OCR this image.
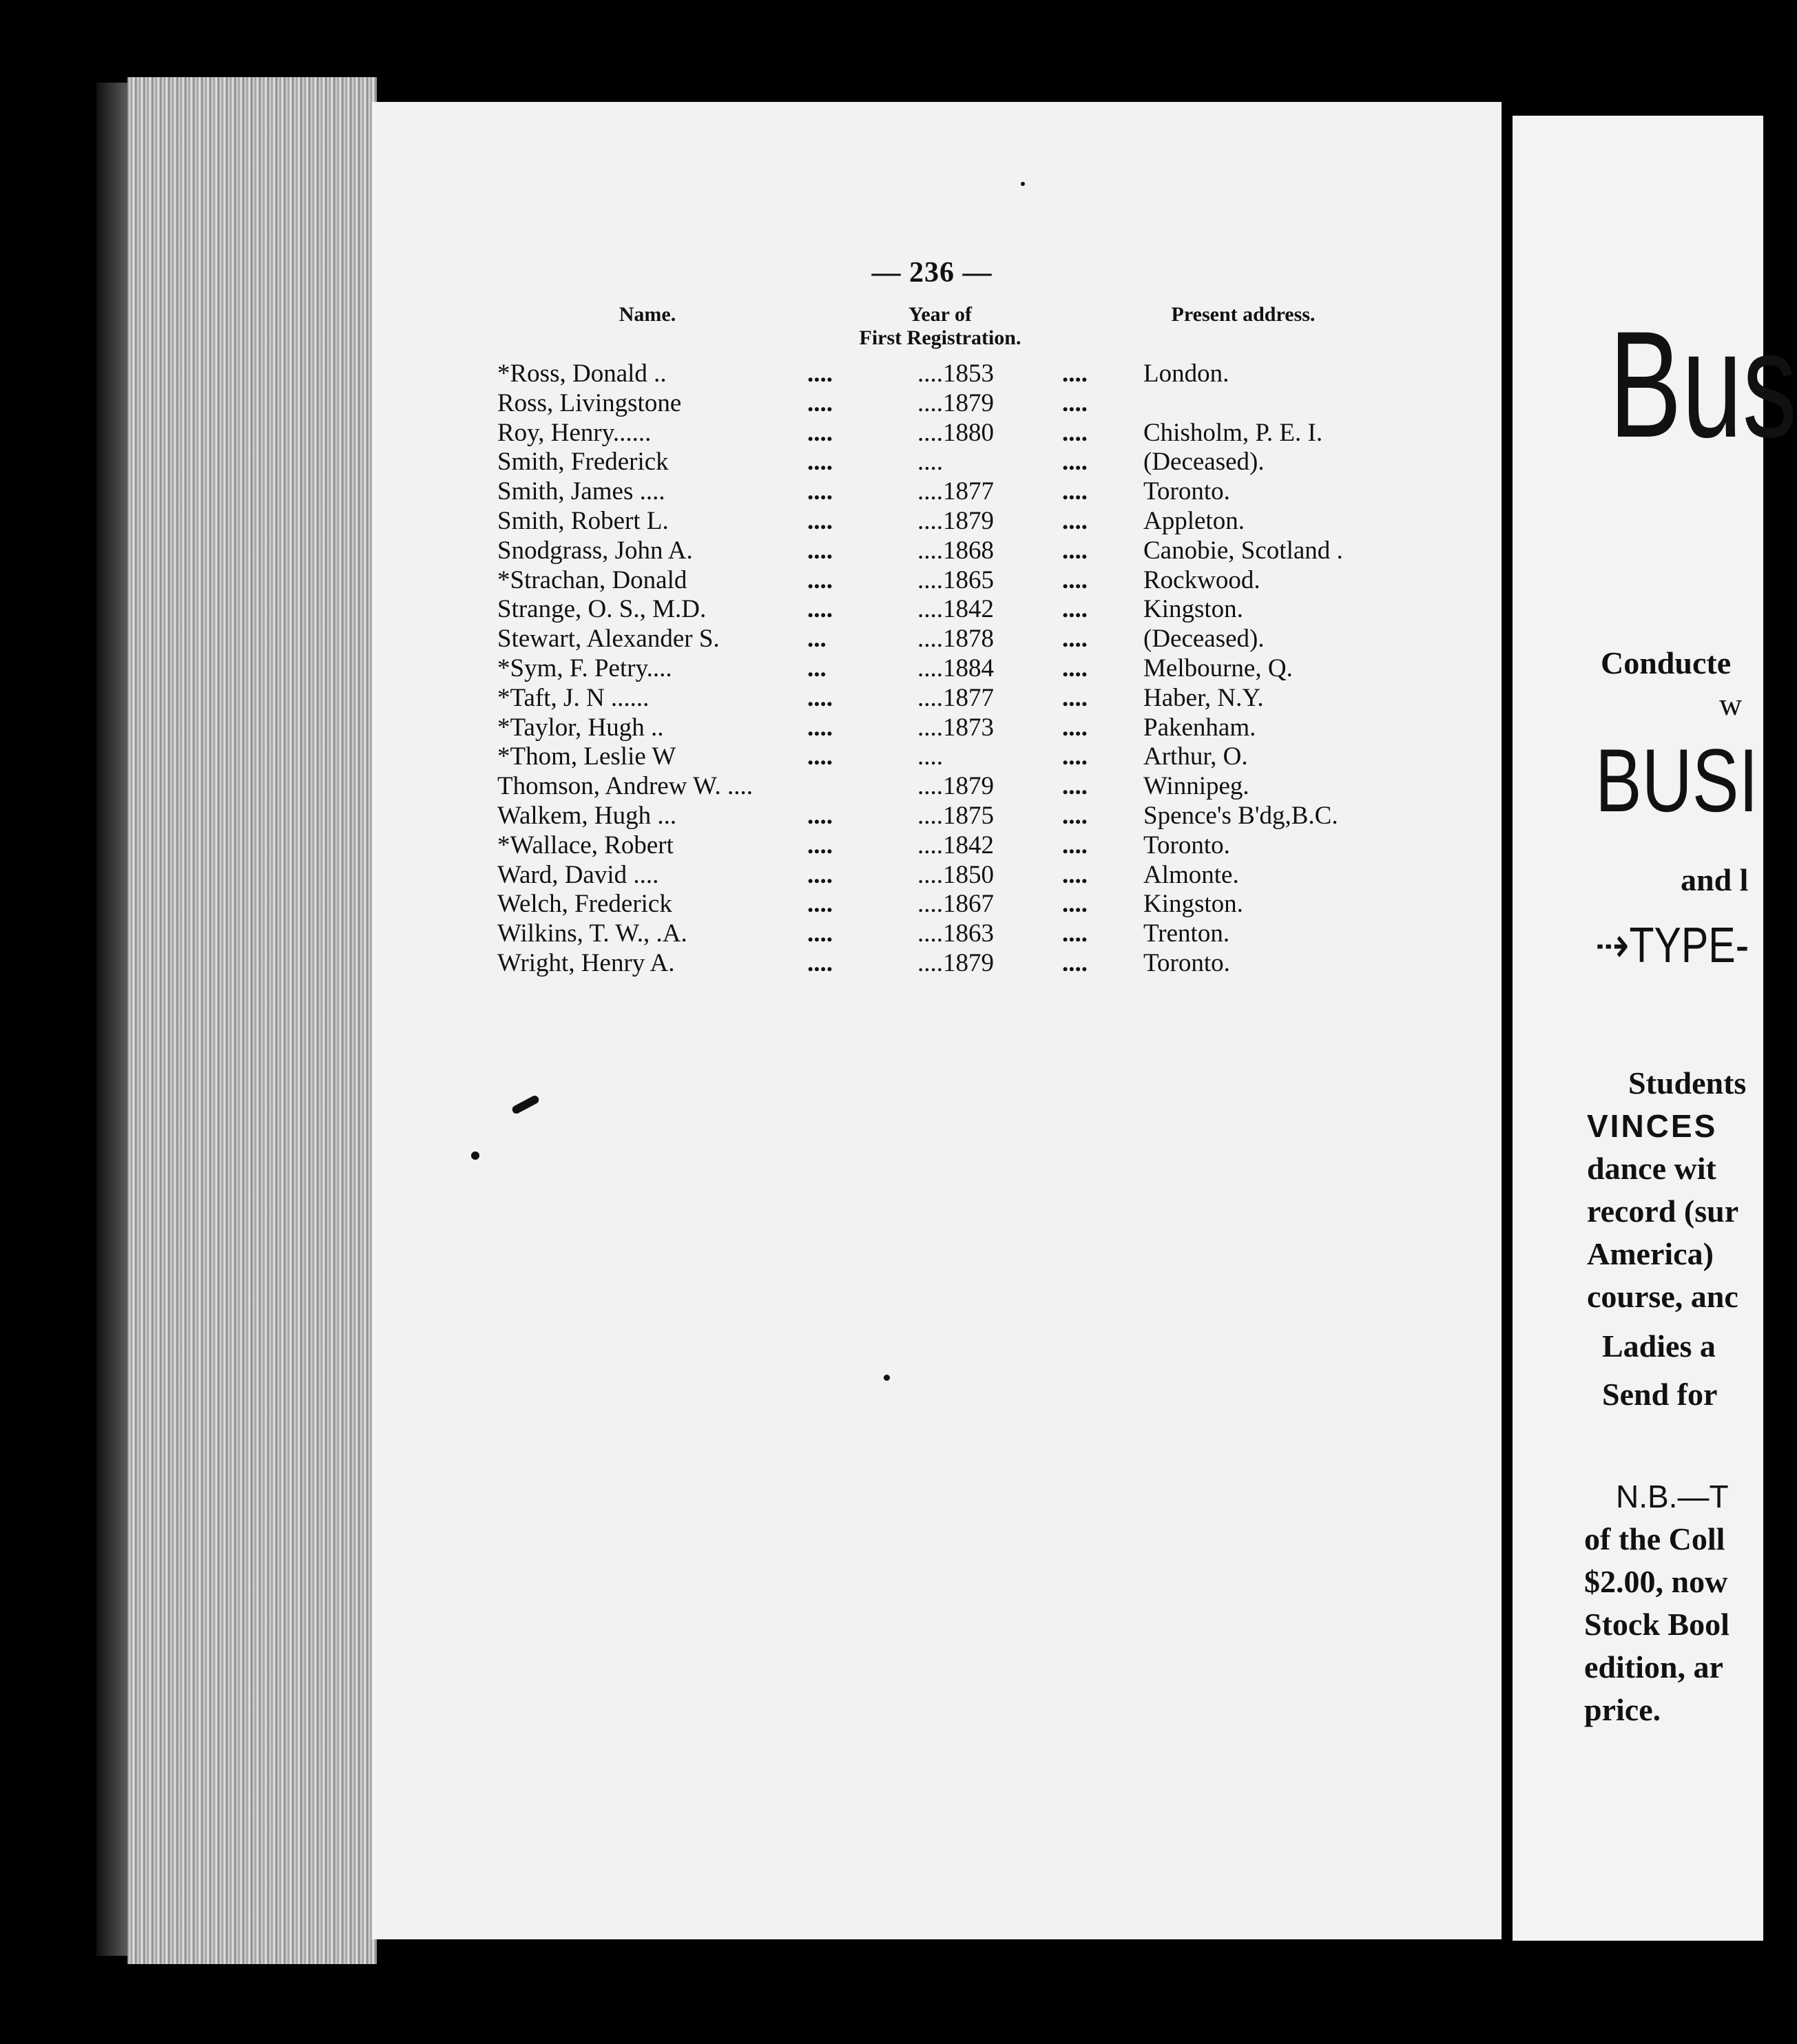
— 236 —
Name.	Year of
First Registration.
Present address.
*Ross, Donald ..	....	....1853	.... London.
Ross, Livingstone	....	....1879	....
Roy, Henry......	....	....1880	.... Chisholm, P. E. I.
Smith, Frederick	....	....	.... (Deceased).
Smith, James ....	....	....1877	.... Toronto.
Smith, Robert L.	....	....1879	.... Appleton.
Snodgrass, John A.	....	....1868	.... Canobie, Scotland .
*Strachan, Donald	....	....1865	.... Rockwood.
Strange, O. S., M.D.	....	....1842	.... Kingston.
Stewart, Alexander S.	...	....1878	.... (Deceased).
*Sym, F. Petry....	...	....1884	.... Melbourne, Q.
*Taft, J. N ......	....	....1877	.... Haber, N.Y.
*Taylor, Hugh ..	....	....1873	.... Pakenham.
*Thom, Leslie W	....	....	.... Arthur, O.
Thomson, Andrew W. ....	....1879	.... Winnipeg.
Walkem, Hugh ...	....	....1875	.... Spence's B'dg,B.C.
*Wallace, Robert	....	....1842	.... Toronto.
Ward, David ....	....	....1850	.... Almonte.
Welch, Frederick	....	....1867	.... Kingston.
Wilkins, T. W., .A.	....	....1863	.... Trenton.
Wright, Henry A.	....	....1879	.... Toronto.
Bus
Conducte
w
BUSI
and l
⇢TYPE-
Students
VINCES
dance wit
record (sur
America)
course, anc
Ladies a
Send for
N.B.—T
of the Coll
$2.00, now
Stock Bool
edition, ar
price.
